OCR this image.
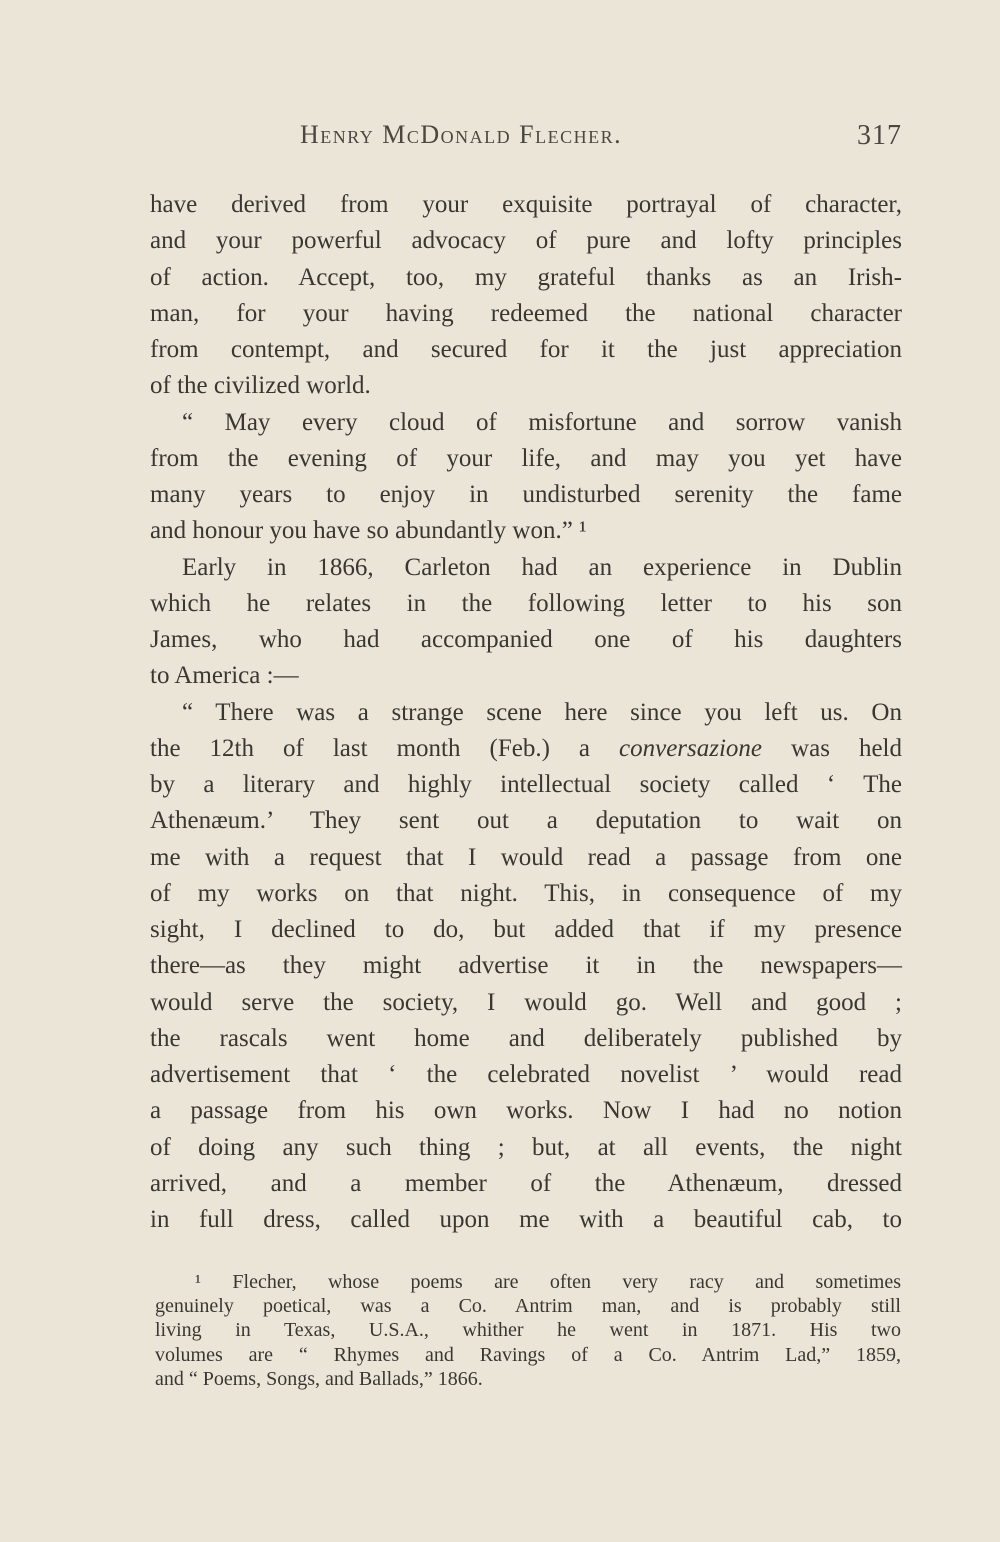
Henry McDonald Flecher.	317
have derived from your exquisite portrayal of character,
and your powerful advocacy of pure and lofty principles
of action. Accept, too, my grateful thanks as an Irish-
man, for your having redeemed the national character
from contempt, and secured for it the just appreciation
of the civilized world.
“ May every cloud of misfortune and sorrow vanish
from the evening of your life, and may you yet have
many years to enjoy in undisturbed serenity the fame
and honour you have so abundantly won.” ¹
Early in 1866, Carleton had an experience in Dublin
which he relates in the following letter to his son
James, who had accompanied one of his daughters
to America :—
“ There was a strange scene here since you left us. On
the 12th of last month (Feb.) a conversazione was held
by a literary and highly intellectual society called ‘ The
Athenæum.’ They sent out a deputation to wait on
me with a request that I would read a passage from one
of my works on that night. This, in consequence of my
sight, I declined to do, but added that if my presence
there—as they might advertise it in the newspapers—
would serve the society, I would go. Well and good ;
the rascals went home and deliberately published by
advertisement that ‘ the celebrated novelist ’ would read
a passage from his own works. Now I had no notion
of doing any such thing ; but, at all events, the night
arrived, and a member of the Athenæum, dressed
in full dress, called upon me with a beautiful cab, to
¹ Flecher, whose poems are often very racy and sometimes
genuinely poetical, was a Co. Antrim man, and is probably still
living in Texas, U.S.A., whither he went in 1871. His two
volumes are “ Rhymes and Ravings of a Co. Antrim Lad,” 1859,
and “ Poems, Songs, and Ballads,” 1866.
